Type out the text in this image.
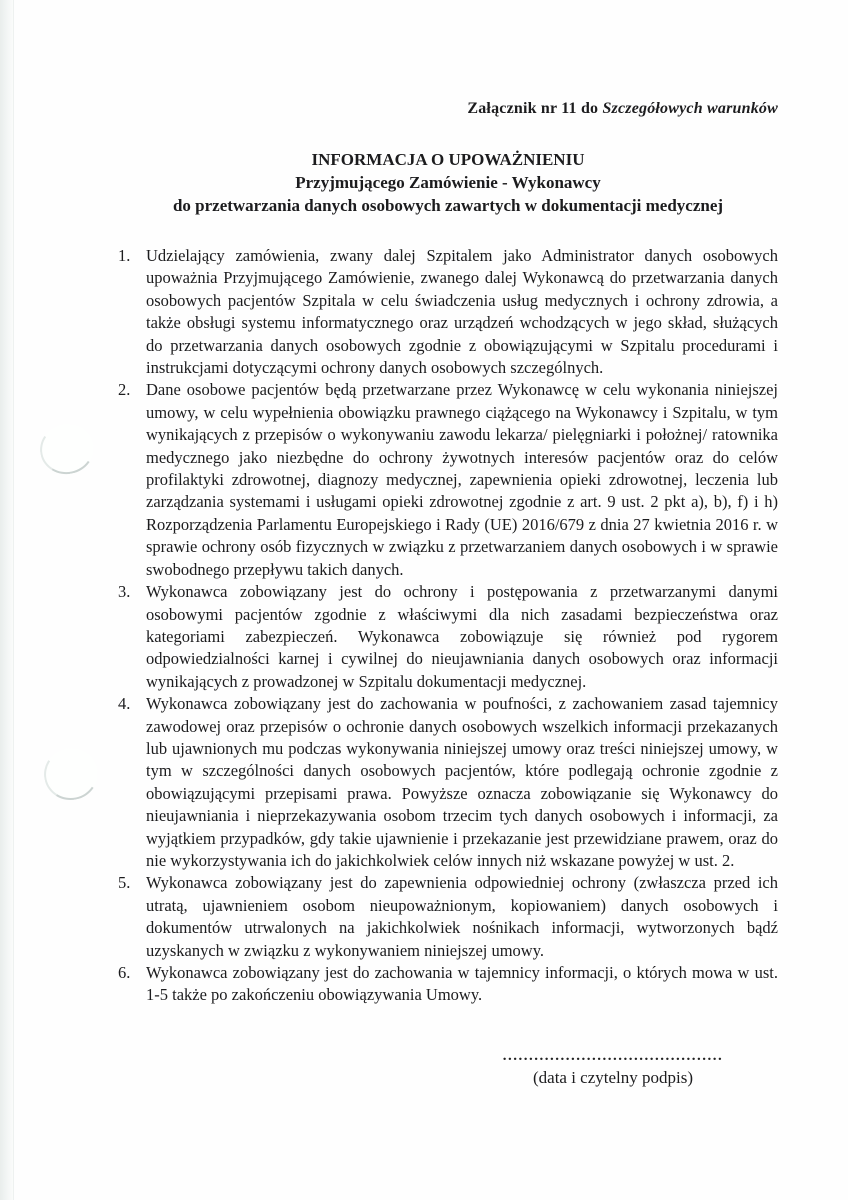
Załącznik nr 11 do Szczegółowych warunków
INFORMACJA O UPOWAŻNIENIU
Przyjmującego Zamówienie - Wykonawcy
do przetwarzania danych osobowych zawartych w dokumentacji medycznej
1. Udzielający zamówienia, zwany dalej Szpitalem jako Administrator danych osobowych upoważnia Przyjmującego Zamówienie, zwanego dalej Wykonawcą do przetwarzania danych osobowych pacjentów Szpitala w celu świadczenia usług medycznych i ochrony zdrowia, a także obsługi systemu informatycznego oraz urządzeń wchodzących w jego skład, służących do przetwarzania danych osobowych zgodnie z obowiązującymi w Szpitalu procedurami i instrukcjami dotyczącymi ochrony danych osobowych szczególnych.
2. Dane osobowe pacjentów będą przetwarzane przez Wykonawcę w celu wykonania niniejszej umowy, w celu wypełnienia obowiązku prawnego ciążącego na Wykonawcy i Szpitalu, w tym wynikających z przepisów o wykonywaniu zawodu lekarza/ pielęgniarki i położnej/ ratownika medycznego jako niezbędne do ochrony żywotnych interesów pacjentów oraz do celów profilaktyki zdrowotnej, diagnozy medycznej, zapewnienia opieki zdrowotnej, leczenia lub zarządzania systemami i usługami opieki zdrowotnej zgodnie z art. 9 ust. 2 pkt a), b), f) i h) Rozporządzenia Parlamentu Europejskiego i Rady (UE) 2016/679 z dnia 27 kwietnia 2016 r. w sprawie ochrony osób fizycznych w związku z przetwarzaniem danych osobowych i w sprawie swobodnego przepływu takich danych.
3. Wykonawca zobowiązany jest do ochrony i postępowania z przetwarzanymi danymi osobowymi pacjentów zgodnie z właściwymi dla nich zasadami bezpieczeństwa oraz kategoriami zabezpieczeń. Wykonawca zobowiązuje się również pod rygorem odpowiedzialności karnej i cywilnej do nieujawniania danych osobowych oraz informacji wynikających z prowadzonej w Szpitalu dokumentacji medycznej.
4. Wykonawca zobowiązany jest do zachowania w poufności, z zachowaniem zasad tajemnicy zawodowej oraz przepisów o ochronie danych osobowych wszelkich informacji przekazanych lub ujawnionych mu podczas wykonywania niniejszej umowy oraz treści niniejszej umowy, w tym w szczególności danych osobowych pacjentów, które podlegają ochronie zgodnie z obowiązującymi przepisami prawa. Powyższe oznacza zobowiązanie się Wykonawcy do nieujawniania i nieprzekazywania osobom trzecim tych danych osobowych i informacji, za wyjątkiem przypadków, gdy takie ujawnienie i przekazanie jest przewidziane prawem, oraz do nie wykorzystywania ich do jakichkolwiek celów innych niż wskazane powyżej w ust. 2.
5. Wykonawca zobowiązany jest do zapewnienia odpowiedniej ochrony (zwłaszcza przed ich utratą, ujawnieniem osobom nieupoważnionym, kopiowaniem) danych osobowych i dokumentów utrwalonych na jakichkolwiek nośnikach informacji, wytworzonych bądź uzyskanych w związku z wykonywaniem niniejszej umowy.
6. Wykonawca zobowiązany jest do zachowania w tajemnicy informacji, o których mowa w ust. 1-5 także po zakończeniu obowiązywania Umowy.
..........................................
(data i czytelny podpis)
